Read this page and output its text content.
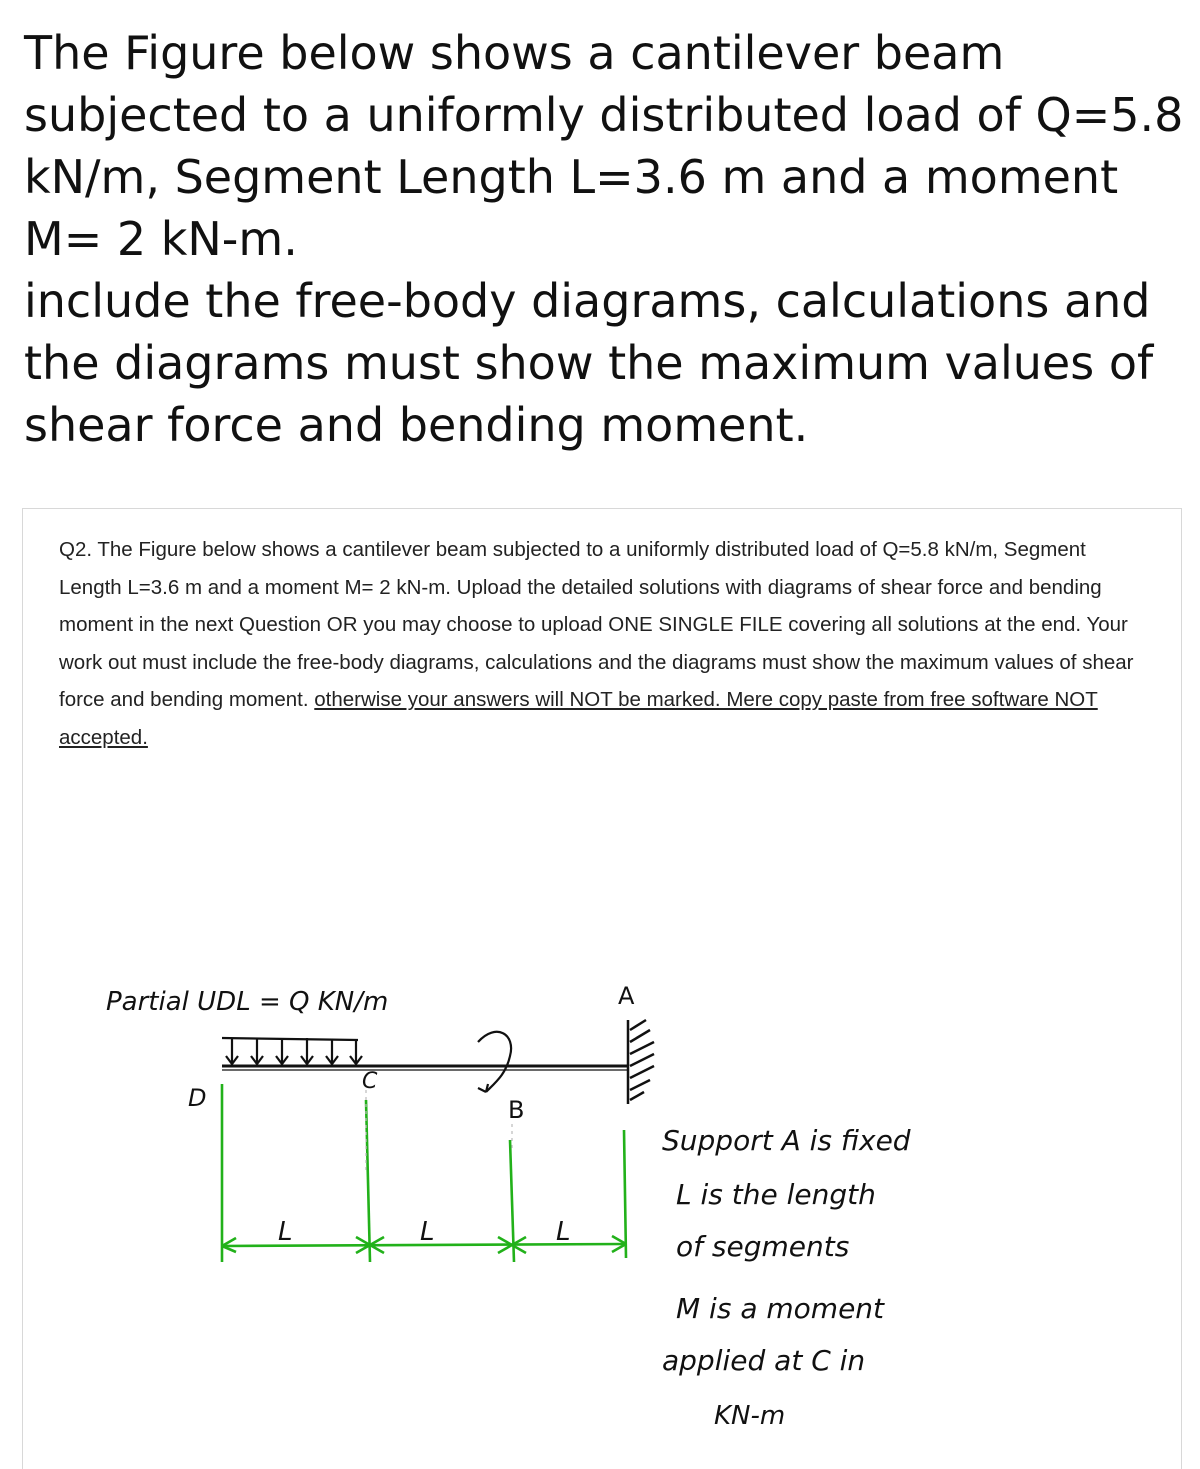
The Figure below shows a cantilever beam subjected to a uniformly distributed load of Q=5.8 kN/m, Segment Length L=3.6 m and a moment M= 2 kN-m.

include the free-body diagrams, calculations and the diagrams must show the maximum values of shear force and bending moment.

Q2. The Figure below shows a cantilever beam subjected to a uniformly distributed load of Q=5.8 kN/m, Segment Length L=3.6 m and a moment M= 2 kN-m. Upload the detailed solutions with diagrams of shear force and bending moment in the next Question OR you may choose to upload ONE SINGLE FILE covering all solutions at the end. Your work out must include the free-body diagrams, calculations and the diagrams must show the maximum values of shear force and bending moment. otherwise your answers will NOT be marked. Mere copy paste from free software NOT accepted.

Partial UDL = Q KN/m
D
C
B
A
L	L	L
Support A is fixed
L is the length
of segments
M is a moment
applied at C in
KN-m
